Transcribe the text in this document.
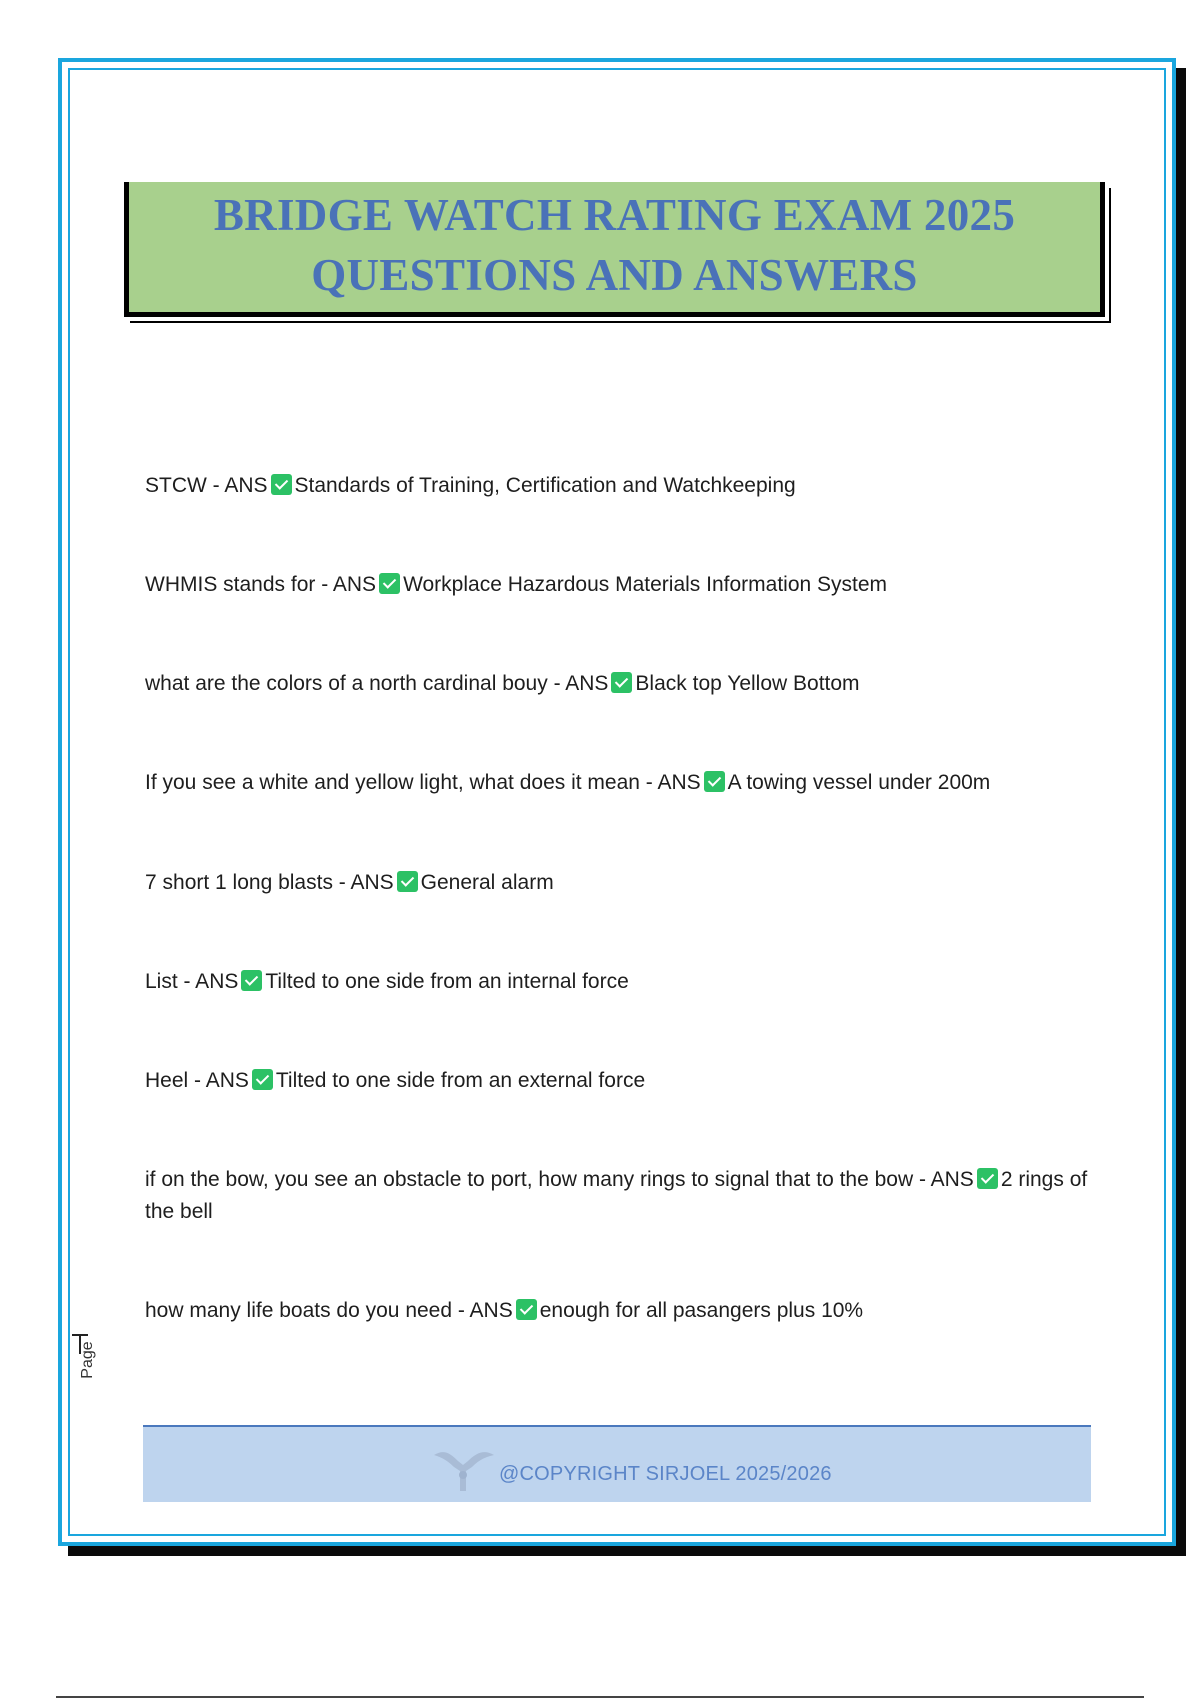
BRIDGE WATCH RATING EXAM 2025
QUESTIONS AND ANSWERS
STCW - ANS Standards of Training, Certification and Watchkeeping
WHMIS stands for - ANS Workplace Hazardous Materials Information System
what are the colors of a north cardinal bouy - ANS Black top Yellow Bottom
If you see a white and yellow light, what does it mean - ANS A towing vessel under 200m
7 short 1 long blasts - ANS General alarm
List - ANS Tilted to one side from an internal force
Heel - ANS Tilted to one side from an external force
if on the bow, you see an obstacle to port, how many rings to signal that to the bow - ANS 2 rings of the bell
how many life boats do you need - ANS enough for all pasangers plus 10%
Page
@COPYRIGHT SIRJOEL 2025/2026
